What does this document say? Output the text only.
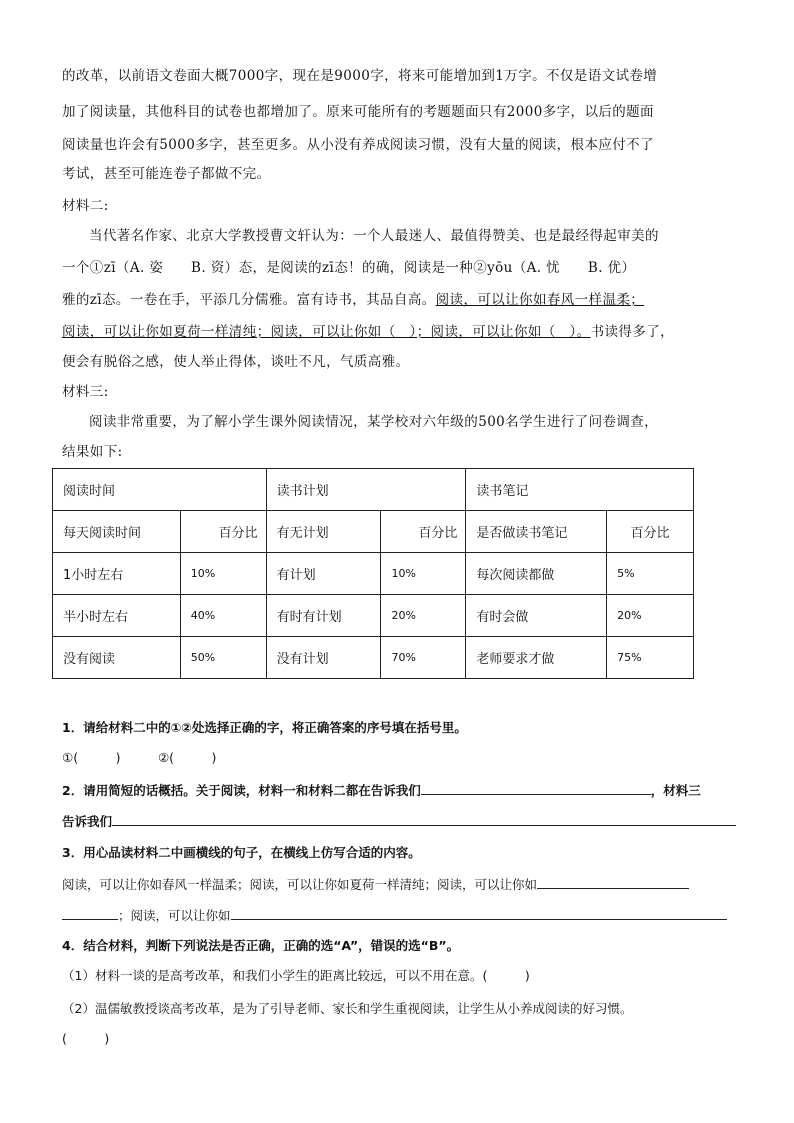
的改革，以前语文卷面大概7000字，现在是9000字，将来可能增加到1万字。不仅是语文试卷增
加了阅读量，其他科目的试卷也都增加了。原来可能所有的考题题面只有2000多字，以后的题面
阅读量也许会有5000多字，甚至更多。从小没有养成阅读习惯，没有大量的阅读，根本应付不了
考试，甚至可能连卷子都做不完。
材料二:
当代著名作家、北京大学教授曹文轩认为：一个人最迷人、最值得赞美、也是最经得起审美的
一个①zī（A. 姿　　B. 资）态，是阅读的zī态！的确，阅读是一种②yōu（A. 忧　　B. 优）
雅的zī态。一卷在手，平添几分儒雅。富有诗书，其品自高。阅读，可以让你如春风一样温柔；
阅读，可以让你如夏荷一样清纯；阅读，可以让你如（　）；阅读，可以让你如（　）。书读得多了，
便会有脱俗之感，使人举止得体，谈吐不凡，气质高雅。
材料三:
阅读非常重要，为了解小学生课外阅读情况，某学校对六年级的500名学生进行了问卷调查，
结果如下:
阅读时间		读书计划		读书笔记	
每天阅读时间	百分比	有无计划	百分比	是否做读书笔记	百分比
1小时左右	10%	有计划	10%	每次阅读都做	5%
半小时左右	40%	有时有计划	20%	有时会做	20%
没有阅读	50%	没有计划	70%	老师要求才做	75%
1．请给材料二中的①②处选择正确的字，将正确答案的序号填在括号里。
①(　　　)　　　②(　　　)
2．请用简短的话概括。关于阅读，材料一和材料二都在告诉我们	，材料三
告诉我们
3．用心品读材料二中画横线的句子，在横线上仿写合适的内容。
阅读，可以让你如春风一样温柔；阅读，可以让你如夏荷一样清纯；阅读，可以让你如
；阅读，可以让你如
4．结合材料，判断下列说法是否正确，正确的选“A”，错误的选“B”。
（1）材料一谈的是高考改革，和我们小学生的距离比较远，可以不用在意。(　　　)
（2）温儒敏教授谈高考改革，是为了引导老师、家长和学生重视阅读，让学生从小养成阅读的好习惯。
(　　　)
